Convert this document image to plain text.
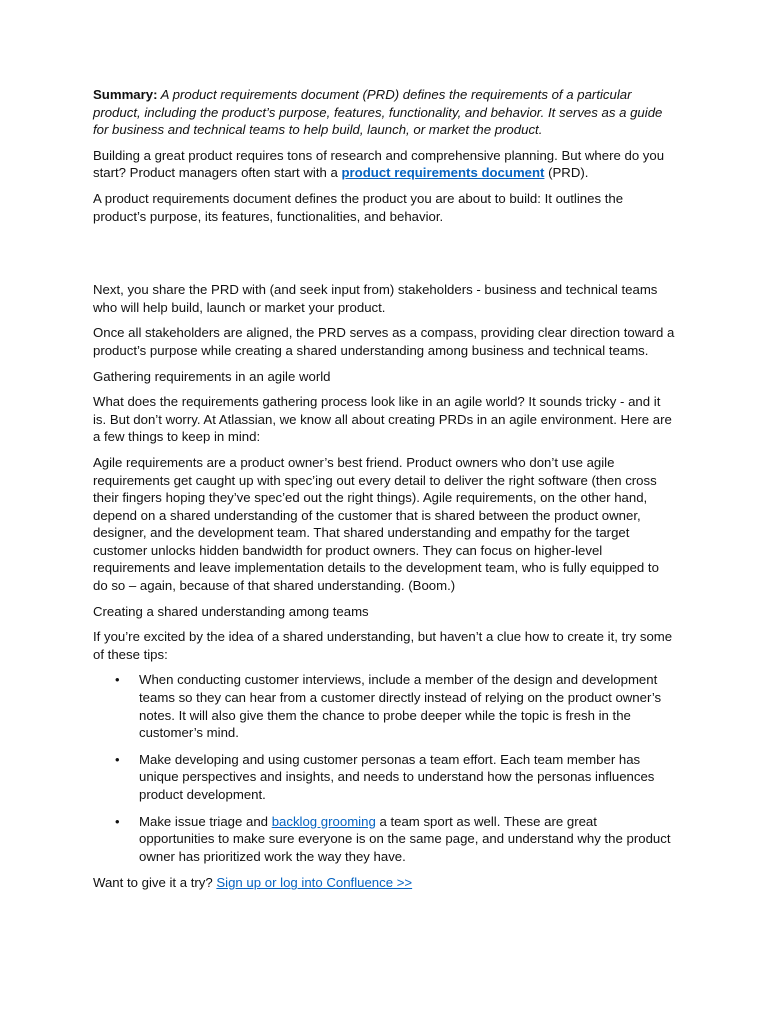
Summary: A product requirements document (PRD) defines the requirements of a particular product, including the product’s purpose, features, functionality, and behavior. It serves as a guide for business and technical teams to help build, launch, or market the product.

Building a great product requires tons of research and comprehensive planning. But where do you start? Product managers often start with a product requirements document (PRD).

A product requirements document defines the product you are about to build: It outlines the product’s purpose, its features, functionalities, and behavior.

Next, you share the PRD with (and seek input from) stakeholders - business and technical teams who will help build, launch or market your product.

Once all stakeholders are aligned, the PRD serves as a compass, providing clear direction toward a product’s purpose while creating a shared understanding among business and technical teams.

Gathering requirements in an agile world

What does the requirements gathering process look like in an agile world? It sounds tricky - and it is. But don’t worry. At Atlassian, we know all about creating PRDs in an agile environment. Here are a few things to keep in mind:

Agile requirements are a product owner’s best friend. Product owners who don’t use agile requirements get caught up with spec’ing out every detail to deliver the right software (then cross their fingers hoping they’ve spec’ed out the right things). Agile requirements, on the other hand, depend on a shared understanding of the customer that is shared between the product owner, designer, and the development team. That shared understanding and empathy for the target customer unlocks hidden bandwidth for product owners. They can focus on higher-level requirements and leave implementation details to the development team, who is fully equipped to do so – again, because of that shared understanding. (Boom.)

Creating a shared understanding among teams

If you’re excited by the idea of a shared understanding, but haven’t a clue how to create it, try some of these tips:

• When conducting customer interviews, include a member of the design and development teams so they can hear from a customer directly instead of relying on the product owner’s notes. It will also give them the chance to probe deeper while the topic is fresh in the customer’s mind.
• Make developing and using customer personas a team effort. Each team member has unique perspectives and insights, and needs to understand how the personas influences product development.
• Make issue triage and backlog grooming a team sport as well. These are great opportunities to make sure everyone is on the same page, and understand why the product owner has prioritized work the way they have.

Want to give it a try? Sign up or log into Confluence >>
